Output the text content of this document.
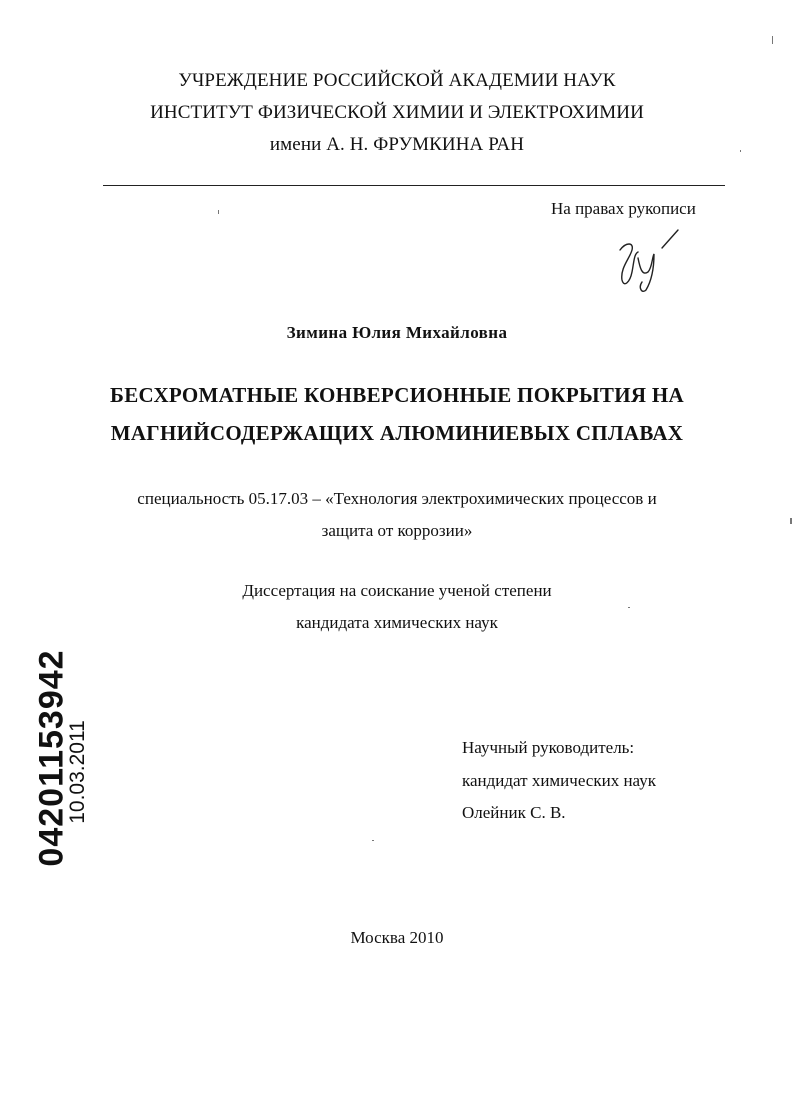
УЧРЕЖДЕНИЕ РОССИЙСКОЙ АКАДЕМИИ НАУК
ИНСТИТУТ ФИЗИЧЕСКОЙ ХИМИИ И ЭЛЕКТРОХИМИИ
имени А. Н. ФРУМКИНА РАН
На правах рукописи
Зимина Юлия Михайловна
БЕСХРОМАТНЫЕ КОНВЕРСИОННЫЕ ПОКРЫТИЯ НА
МАГНИЙСОДЕРЖАЩИХ АЛЮМИНИЕВЫХ СПЛАВАХ
специальность 05.17.03 – «Технология электрохимических процессов и
защита от коррозии»
Диссертация на соискание ученой степени
кандидата химических наук
Научный руководитель:
кандидат химических наук
Олейник С. В.
Москва 2010
04201153942
10.03.2011
